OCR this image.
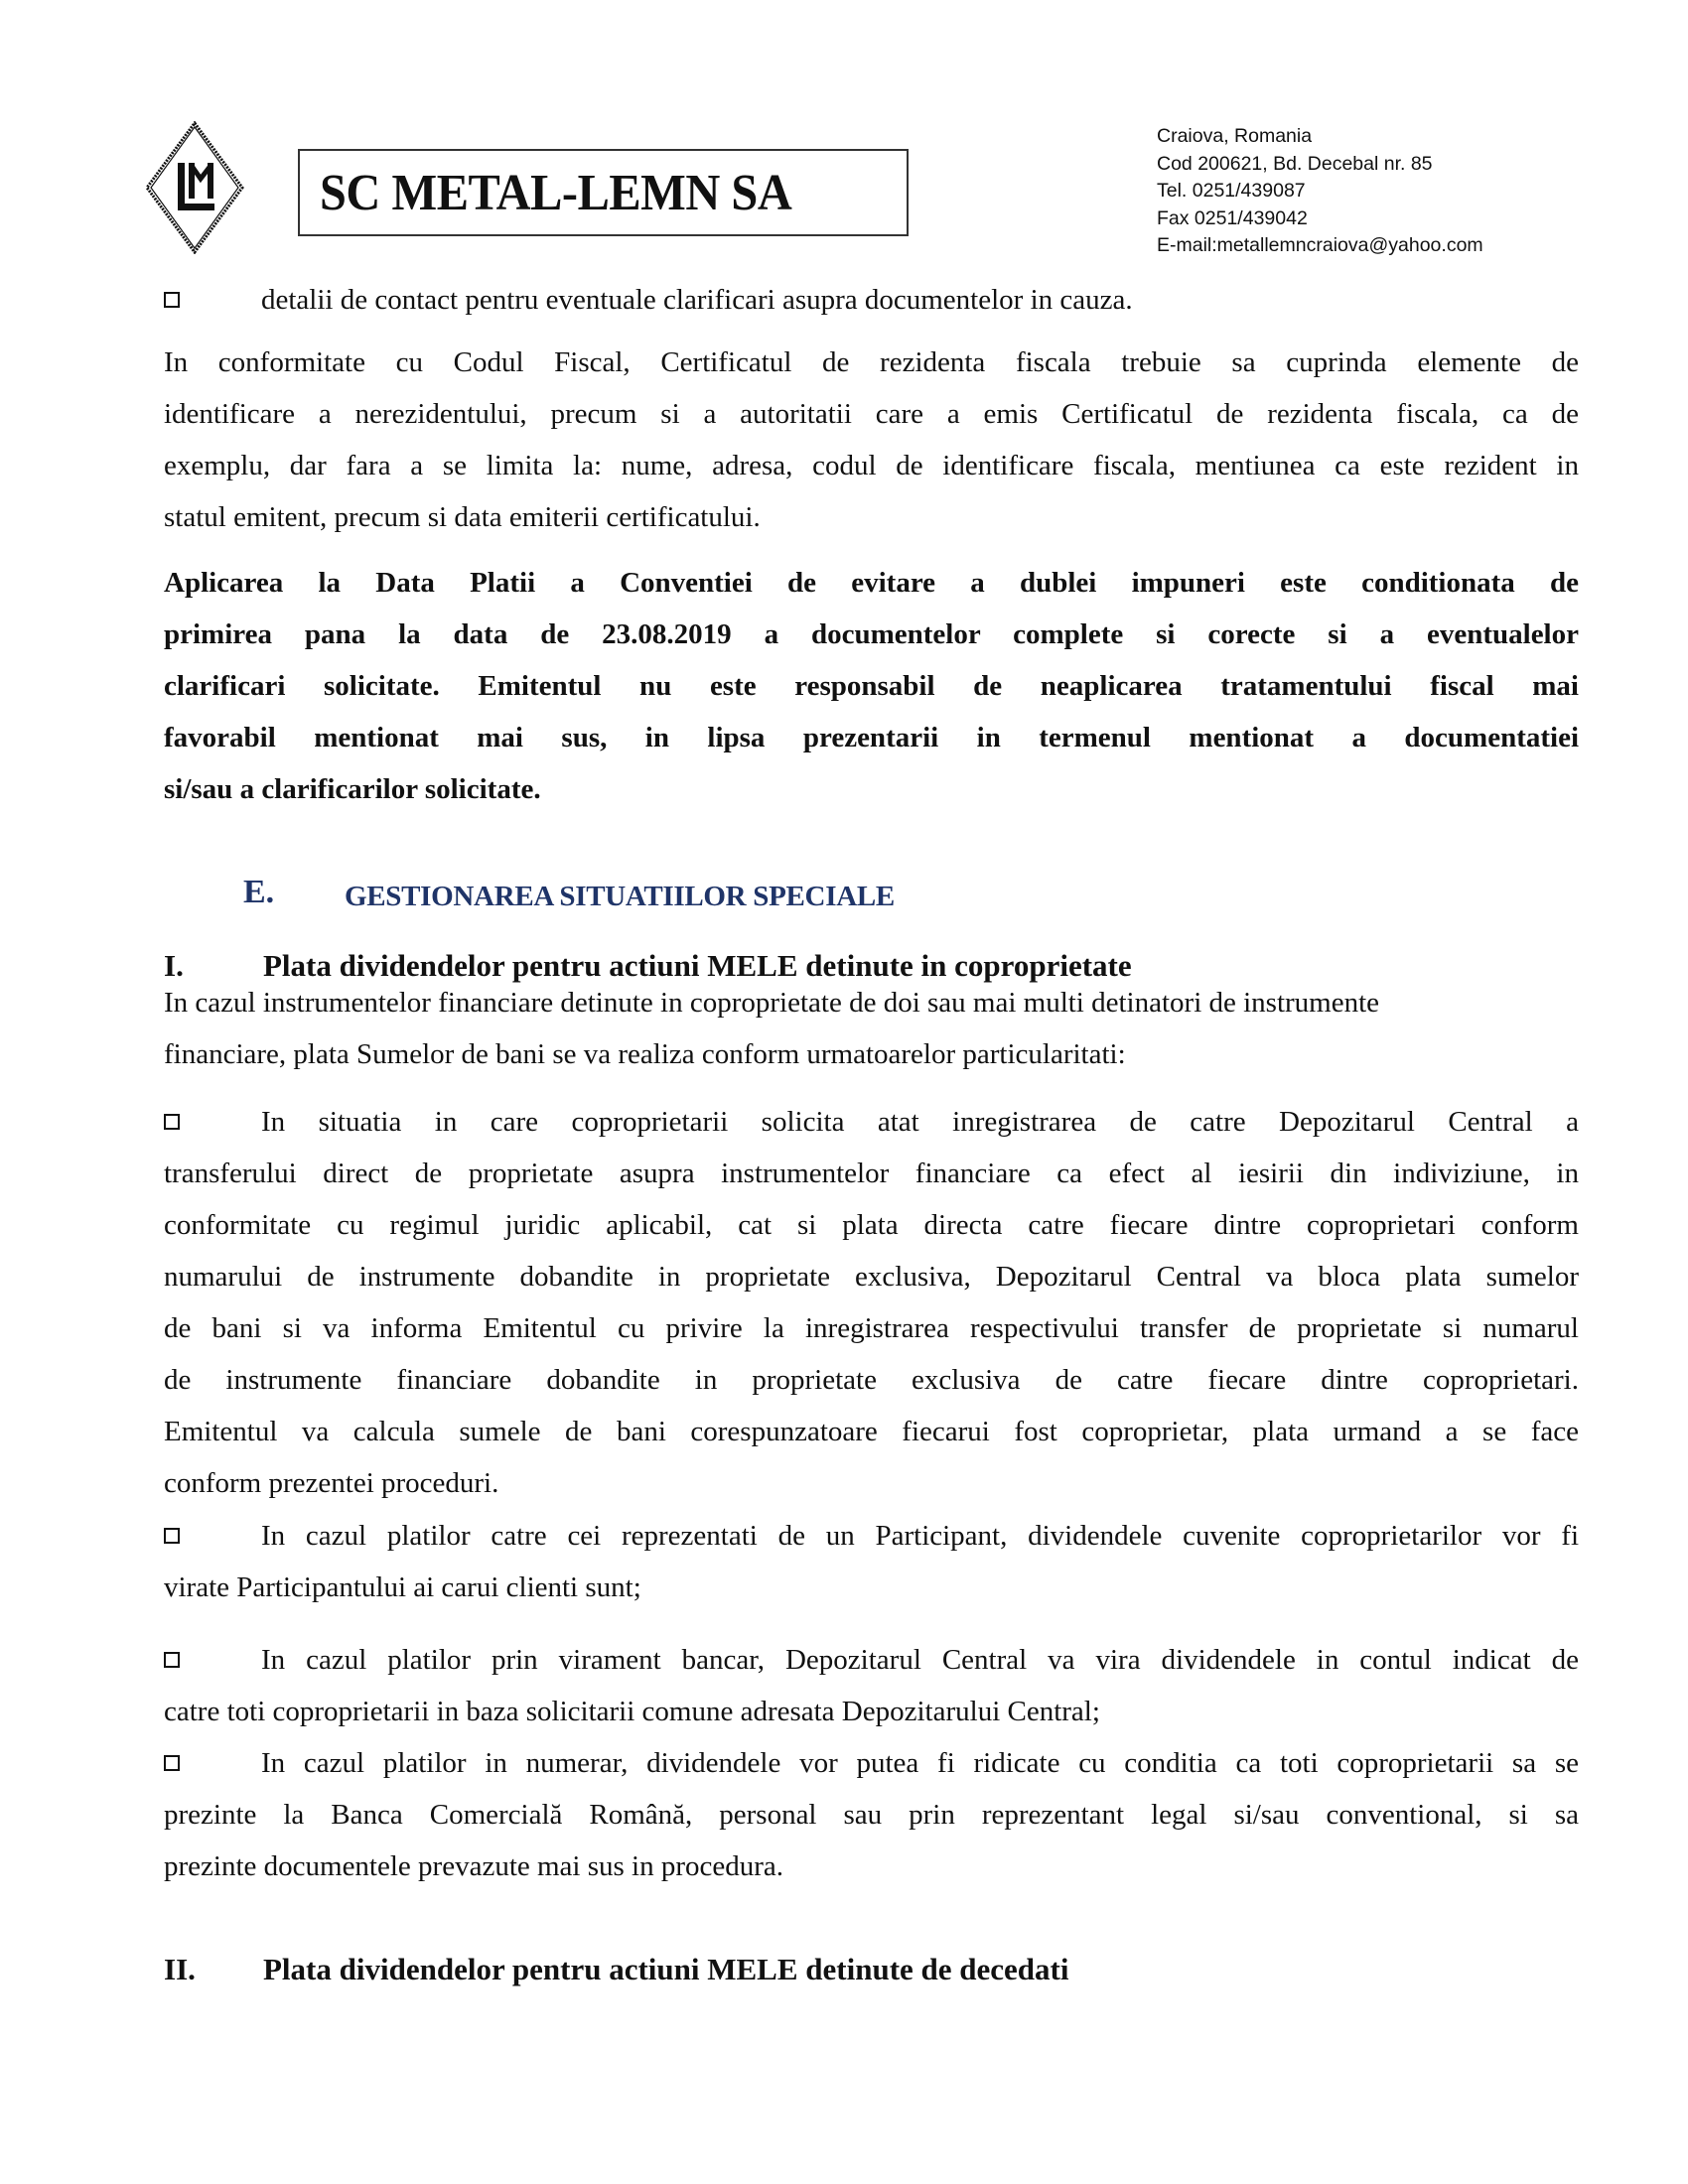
SC METAL-LEMN SA
Craiova, Romania
Cod 200621, Bd. Decebal nr. 85
Tel. 0251/439087
Fax 0251/439042
E-mail:metallemncraiova@yahoo.com
detalii de contact pentru eventuale clarificari asupra documentelor in cauza.
In conformitate cu Codul Fiscal, Certificatul de rezidenta fiscala trebuie sa cuprinda elemente de
identificare a nerezidentului, precum si a autoritatii care a emis Certificatul de rezidenta fiscala, ca de
exemplu, dar fara a se limita la: nume, adresa, codul de identificare fiscala, mentiunea ca este rezident in
statul emitent, precum si data emiterii certificatului.
Aplicarea la Data Platii a Conventiei de evitare a dublei impuneri este conditionata de
primirea pana la data de 23.08.2019 a documentelor complete si corecte si a eventualelor
clarificari solicitate. Emitentul nu este responsabil de neaplicarea tratamentului fiscal mai
favorabil mentionat mai sus, in lipsa prezentarii in termenul mentionat a documentatiei
si/sau a clarificarilor solicitate.
E. GESTIONAREA SITUATIILOR SPECIALE
I.	Plata dividendelor pentru actiuni MELE detinute in coproprietate
In cazul instrumentelor financiare detinute in coproprietate de doi sau mai multi detinatori de instrumente
financiare, plata Sumelor de bani se va realiza conform urmatoarelor particularitati:
In situatia in care coproprietarii solicita atat inregistrarea de catre Depozitarul Central a
transferului direct de proprietate asupra instrumentelor financiare ca efect al iesirii din indiviziune, in
conformitate cu regimul juridic aplicabil, cat si plata directa catre fiecare dintre coproprietari conform
numarului de instrumente dobandite in proprietate exclusiva, Depozitarul Central va bloca plata sumelor
de bani si va informa Emitentul cu privire la inregistrarea respectivului transfer de proprietate si numarul
de instrumente financiare dobandite in proprietate exclusiva de catre fiecare dintre coproprietari.
Emitentul va calcula sumele de bani corespunzatoare fiecarui fost coproprietar, plata urmand a se face
conform prezentei proceduri.
In cazul platilor catre cei reprezentati de un Participant, dividendele cuvenite coproprietarilor vor fi
virate Participantului ai carui clienti sunt;
In cazul platilor prin virament bancar, Depozitarul Central va vira dividendele in contul indicat de
catre toti coproprietarii in baza solicitarii comune adresata Depozitarului Central;
In cazul platilor in numerar, dividendele vor putea fi ridicate cu conditia ca toti coproprietarii sa se
prezinte la Banca Comercială Română, personal sau prin reprezentant legal si/sau conventional, si sa
prezinte documentele prevazute mai sus in procedura.
II. Plata dividendelor pentru actiuni MELE detinute de decedati
